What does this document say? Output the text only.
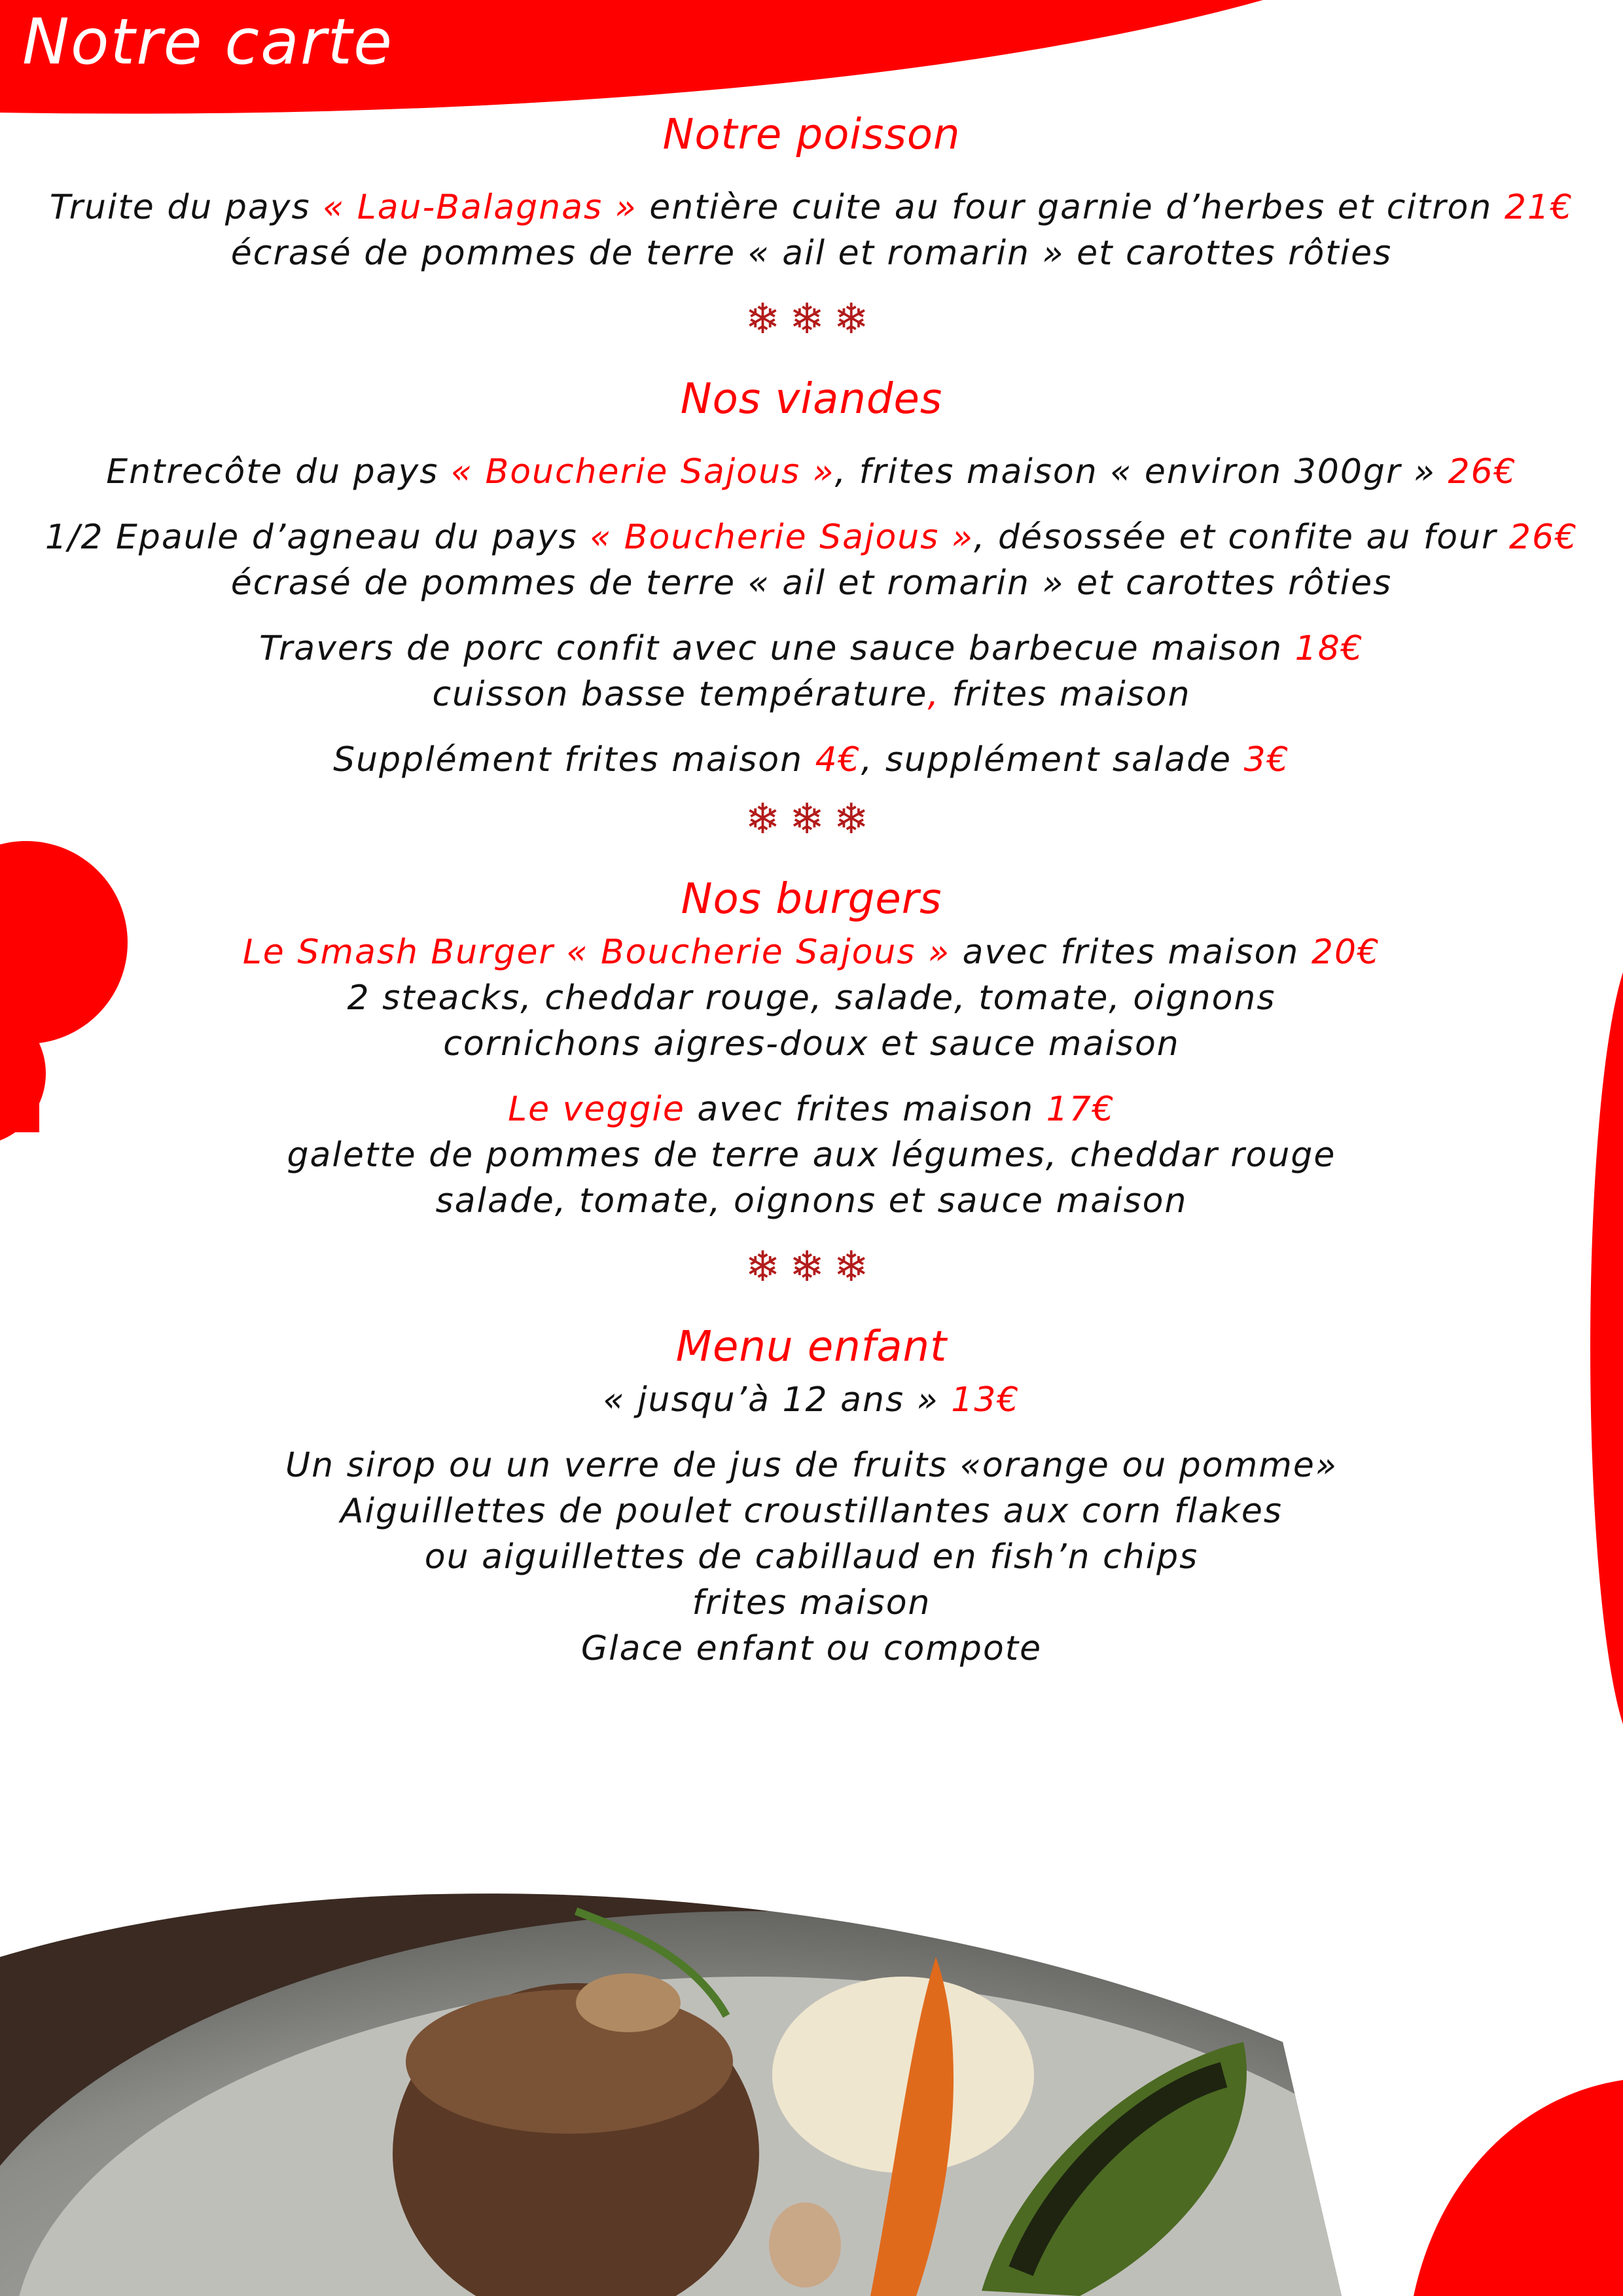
Notre carte
Notre poisson

Truite du pays « Lau-Balagnas » entière cuite au four garnie d’herbes et citron 21€

écrasé de pommes de terre « ail et romarin » et carottes rôties

❄❄❄
Nos viandes

Entrecôte du pays « Boucherie Sajous », frites maison « environ 300gr » 26€

1/2 Epaule d’agneau du pays « Boucherie Sajous », désossée et confite au four 26€

écrasé de pommes de terre « ail et romarin » et carottes rôties

Travers de porc confit avec une sauce barbecue maison 18€

cuisson basse température, frites maison

Supplément frites maison 4€, supplément salade 3€

❄❄❄
Nos burgers

Le Smash Burger « Boucherie Sajous » avec frites maison 20€

2 steacks, cheddar rouge, salade, tomate, oignons

cornichons aigres-doux et sauce maison

Le veggie avec frites maison 17€

galette de pommes de terre aux légumes, cheddar rouge

salade, tomate, oignons et sauce maison

❄❄❄
Menu enfant

« jusqu’à 12 ans » 13€

Un sirop ou un verre de jus de fruits «orange ou pomme»

Aiguillettes de poulet croustillantes aux corn flakes

ou aiguillettes de cabillaud en fish’n chips

frites maison

Glace enfant ou compote
